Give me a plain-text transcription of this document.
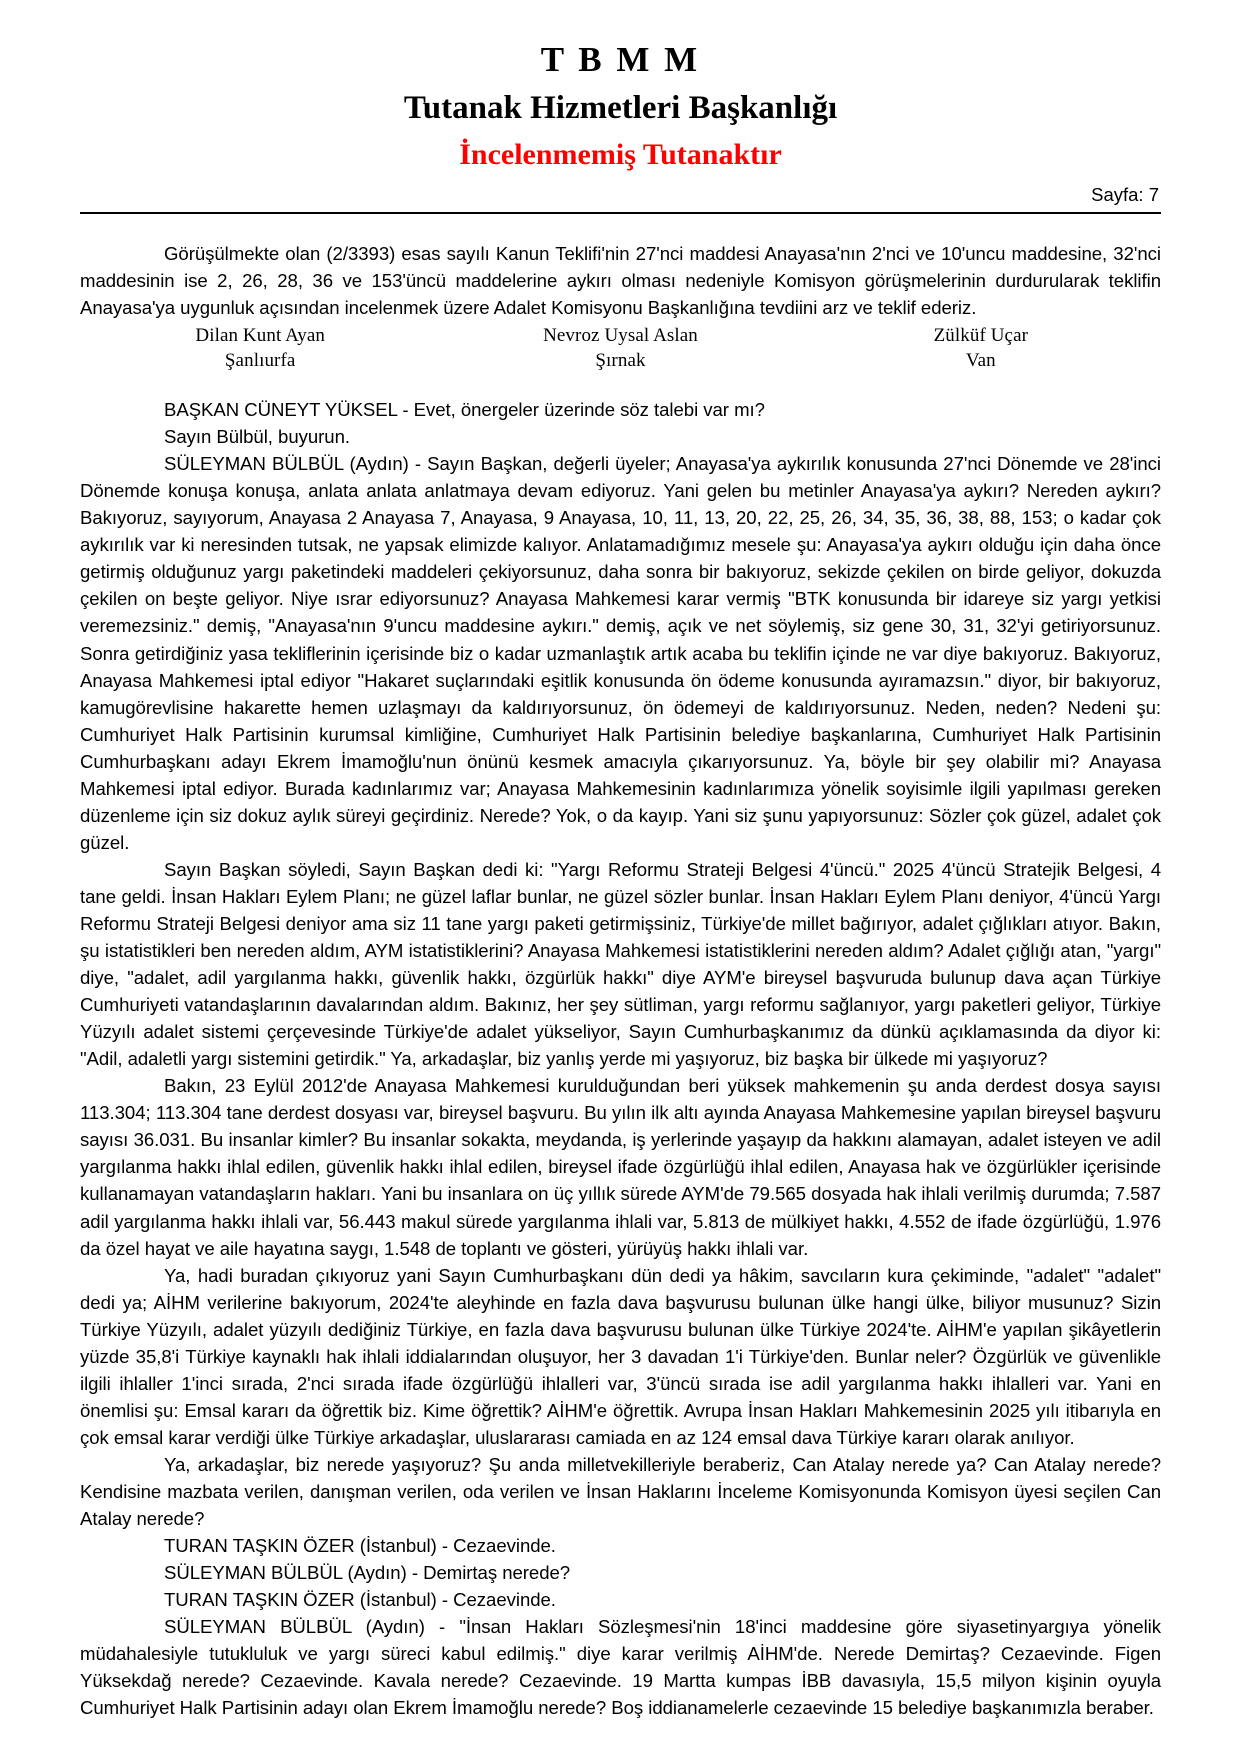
T B M M
Tutanak Hizmetleri Başkanlığı
İncelenmemiş Tutanaktır
Sayfa: 7

Görüşülmekte olan (2/3393) esas sayılı Kanun Teklifi'nin 27'nci maddesi Anayasa'nın 2'nci ve 10'uncu maddesine, 32'nci maddesinin ise 2, 26, 28, 36 ve 153'üncü maddelerine aykırı olması nedeniyle Komisyon görüşmelerinin durdurularak teklifin Anayasa'ya uygunluk açısından incelenmek üzere Adalet Komisyonu Başkanlığına tevdiini arz ve teklif ederiz.

Dilan Kunt Ayan
Şanlıurfa
Nevroz Uysal Aslan
Şırnak
Zülküf Uçar
Van

BAŞKAN CÜNEYT YÜKSEL - Evet, önergeler üzerinde söz talebi var mı?

Sayın Bülbül, buyurun.

SÜLEYMAN BÜLBÜL (Aydın) - Sayın Başkan, değerli üyeler; Anayasa'ya aykırılık konusunda 27'nci Dönemde ve 28'inci Dönemde konuşa konuşa, anlata anlata anlatmaya devam ediyoruz. Yani gelen bu metinler Anayasa'ya aykırı? Nereden aykırı? Bakıyoruz, sayıyorum, Anayasa 2 Anayasa 7, Anayasa, 9 Anayasa, 10, 11, 13, 20, 22, 25, 26, 34, 35, 36, 38, 88, 153; o kadar çok aykırılık var ki neresinden tutsak, ne yapsak elimizde kalıyor. Anlatamadığımız mesele şu: Anayasa'ya aykırı olduğu için daha önce getirmiş olduğunuz yargı paketindeki maddeleri çekiyorsunuz, daha sonra bir bakıyoruz, sekizde çekilen on birde geliyor, dokuzda çekilen on beşte geliyor. Niye ısrar ediyorsunuz? Anayasa Mahkemesi karar vermiş "BTK konusunda bir idareye siz yargı yetkisi veremezsiniz." demiş, "Anayasa'nın 9'uncu maddesine aykırı." demiş, açık ve net söylemiş, siz gene 30, 31, 32'yi getiriyorsunuz. Sonra getirdiğiniz yasa tekliflerinin içerisinde biz o kadar uzmanlaştık artık acaba bu teklifin içinde ne var diye bakıyoruz. Bakıyoruz, Anayasa Mahkemesi iptal ediyor "Hakaret suçlarındaki eşitlik konusunda ön ödeme konusunda ayıramazsın." diyor, bir bakıyoruz, kamugörevlisine hakarette hemen uzlaşmayı da kaldırıyorsunuz, ön ödemeyi de kaldırıyorsunuz. Neden, neden? Nedeni şu: Cumhuriyet Halk Partisinin kurumsal kimliğine, Cumhuriyet Halk Partisinin belediye başkanlarına, Cumhuriyet Halk Partisinin Cumhurbaşkanı adayı Ekrem İmamoğlu'nun önünü kesmek amacıyla çıkarıyorsunuz. Ya, böyle bir şey olabilir mi? Anayasa Mahkemesi iptal ediyor. Burada kadınlarımız var; Anayasa Mahkemesinin kadınlarımıza yönelik soyisimle ilgili yapılması gereken düzenleme için siz dokuz aylık süreyi geçirdiniz. Nerede? Yok, o da kayıp. Yani siz şunu yapıyorsunuz: Sözler çok güzel, adalet çok güzel.

Sayın Başkan söyledi, Sayın Başkan dedi ki: "Yargı Reformu Strateji Belgesi 4'üncü." 2025 4'üncü Stratejik Belgesi, 4 tane geldi. İnsan Hakları Eylem Planı; ne güzel laflar bunlar, ne güzel sözler bunlar. İnsan Hakları Eylem Planı deniyor, 4'üncü Yargı Reformu Strateji Belgesi deniyor ama siz 11 tane yargı paketi getirmişsiniz, Türkiye'de millet bağırıyor, adalet çığlıkları atıyor. Bakın, şu istatistikleri ben nereden aldım, AYM istatistiklerini? Anayasa Mahkemesi istatistiklerini nereden aldım? Adalet çığlığı atan, "yargı" diye, "adalet, adil yargılanma hakkı, güvenlik hakkı, özgürlük hakkı" diye AYM'e bireysel başvuruda bulunup dava açan Türkiye Cumhuriyeti vatandaşlarının davalarından aldım. Bakınız, her şey sütliman, yargı reformu sağlanıyor, yargı paketleri geliyor, Türkiye Yüzyılı adalet sistemi çerçevesinde Türkiye'de adalet yükseliyor, Sayın Cumhurbaşkanımız da dünkü açıklamasında da diyor ki: "Adil, adaletli yargı sistemini getirdik." Ya, arkadaşlar, biz yanlış yerde mi yaşıyoruz, biz başka bir ülkede mi yaşıyoruz?

Bakın, 23 Eylül 2012'de Anayasa Mahkemesi kurulduğundan beri yüksek mahkemenin şu anda derdest dosya sayısı 113.304; 113.304 tane derdest dosyası var, bireysel başvuru. Bu yılın ilk altı ayında Anayasa Mahkemesine yapılan bireysel başvuru sayısı 36.031. Bu insanlar kimler? Bu insanlar sokakta, meydanda, iş yerlerinde yaşayıp da hakkını alamayan, adalet isteyen ve adil yargılanma hakkı ihlal edilen, güvenlik hakkı ihlal edilen, bireysel ifade özgürlüğü ihlal edilen, Anayasa hak ve özgürlükler içerisinde kullanamayan vatandaşların hakları. Yani bu insanlara on üç yıllık sürede AYM'de 79.565 dosyada hak ihlali verilmiş durumda; 7.587 adil yargılanma hakkı ihlali var, 56.443 makul sürede yargılanma ihlali var, 5.813 de mülkiyet hakkı, 4.552 de ifade özgürlüğü, 1.976 da özel hayat ve aile hayatına saygı, 1.548 de toplantı ve gösteri, yürüyüş hakkı ihlali var.

Ya, hadi buradan çıkıyoruz yani Sayın Cumhurbaşkanı dün dedi ya hâkim, savcıların kura çekiminde, "adalet" "adalet" dedi ya; AİHM verilerine bakıyorum, 2024'te aleyhinde en fazla dava başvurusu bulunan ülke hangi ülke, biliyor musunuz? Sizin Türkiye Yüzyılı, adalet yüzyılı dediğiniz Türkiye, en fazla dava başvurusu bulunan ülke Türkiye 2024'te. AİHM'e yapılan şikâyetlerin yüzde 35,8'i Türkiye kaynaklı hak ihlali iddialarından oluşuyor, her 3 davadan 1'i Türkiye'den. Bunlar neler? Özgürlük ve güvenlikle ilgili ihlaller 1'inci sırada, 2'nci sırada ifade özgürlüğü ihlalleri var, 3'üncü sırada ise adil yargılanma hakkı ihlalleri var. Yani en önemlisi şu: Emsal kararı da öğrettik biz. Kime öğrettik? AİHM'e öğrettik. Avrupa İnsan Hakları Mahkemesinin 2025 yılı itibarıyla en çok emsal karar verdiği ülke Türkiye arkadaşlar, uluslararası camiada en az 124 emsal dava Türkiye kararı olarak anılıyor.

Ya, arkadaşlar, biz nerede yaşıyoruz? Şu anda milletvekilleriyle beraberiz, Can Atalay nerede ya? Can Atalay nerede? Kendisine mazbata verilen, danışman verilen, oda verilen ve İnsan Haklarını İnceleme Komisyonunda Komisyon üyesi seçilen Can Atalay nerede?

TURAN TAŞKIN ÖZER (İstanbul) - Cezaevinde.

SÜLEYMAN BÜLBÜL (Aydın) - Demirtaş nerede?

TURAN TAŞKIN ÖZER (İstanbul) - Cezaevinde.

SÜLEYMAN BÜLBÜL (Aydın) - "İnsan Hakları Sözleşmesi'nin 18'inci maddesine göre siyasetinyargıya yönelik müdahalesiyle tutukluluk ve yargı süreci kabul edilmiş." diye karar verilmiş AİHM'de. Nerede Demirtaş? Cezaevinde. Figen Yüksekdağ nerede? Cezaevinde. Kavala nerede? Cezaevinde. 19 Martta kumpas İBB davasıyla, 15,5 milyon kişinin oyuyla Cumhuriyet Halk Partisinin adayı olan Ekrem İmamoğlu nerede? Boş iddianamelerle cezaevinde 15 belediye başkanımızla beraber.
